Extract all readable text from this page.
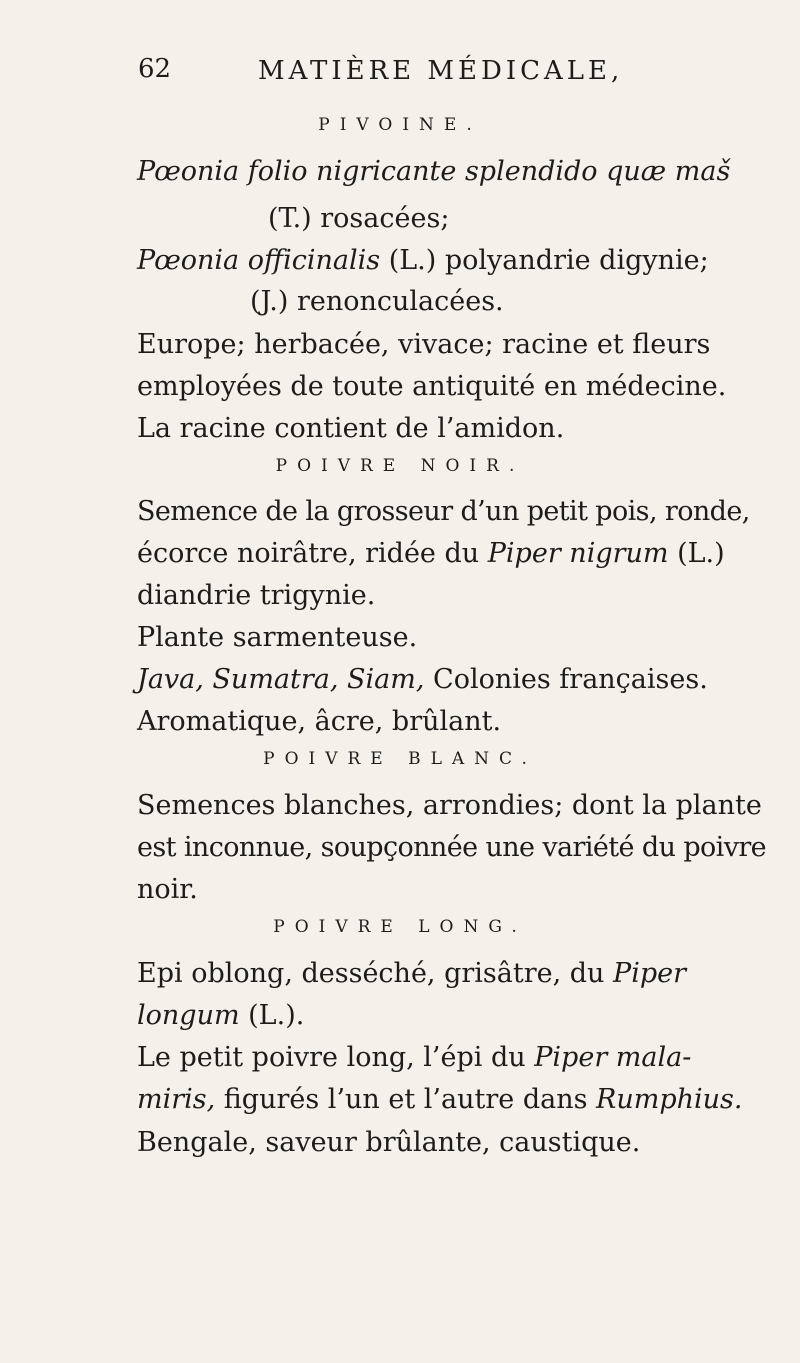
62	MATIÈRE MÉDICALE,
PIVOINE.
Pœonia folio nigricante splendido quæ maš
(T.) rosacées;
Pœonia officinalis (L.) polyandrie digynie;
(J.) renonculacées.
Europe; herbacée, vivace; racine et fleurs
employées de toute antiquité en médecine.
La racine contient de l’amidon.
POIVRE NOIR.
Semence de la grosseur d’un petit pois, ronde,
écorce noirâtre, ridée du Piper nigrum (L.)
diandrie trigynie.
Plante sarmenteuse.
Java, Sumatra, Siam, Colonies françaises.
Aromatique, âcre, brûlant.
POIVRE BLANC.
Semences blanches, arrondies; dont la plante
est inconnue, soupçonnée une variété du poivre
noir.
POIVRE LONG.
Epi oblong, desséché, grisâtre, du Piper
longum (L.).
Le petit poivre long, l’épi du Piper mala-
miris, figurés l’un et l’autre dans Rumphius.
Bengale, saveur brûlante, caustique.
